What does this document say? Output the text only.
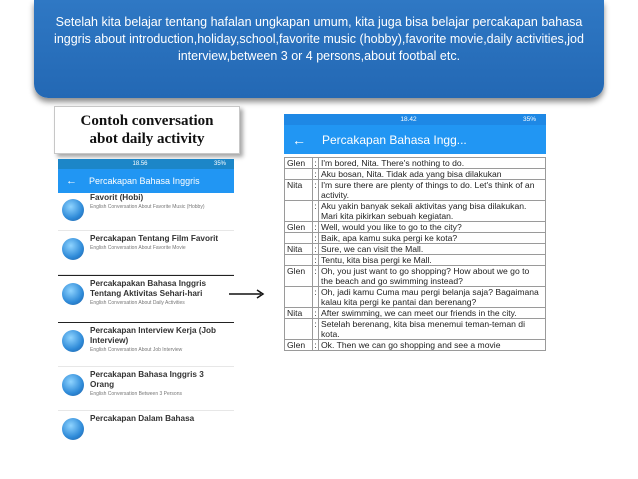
Setelah kita belajar tentang hafalan ungkapan umum, kita juga bisa belajar percakapan bahasa inggris about introduction,holiday,school,favorite music (hobby),favorite movie,daily activities,jod interview,between 3 or 4 persons,about footbal etc.
Contoh conversation
abot daily activity
18.56	35%
← Percakapan Bahasa Inggris
Favorit (Hobi)
English Conversation About Favorite Music (Hobby)
Percakapan Tentang Film Favorit
English Conversation About Favorite Movie
Percakapakan Bahasa Inggris Tentang Aktivitas Sehari-hari
English Conversation About Daily Activities
Percakapan Interview Kerja (Job Interview)
English Conversation About Job Interview
Percakapan Bahasa Inggris 3 Orang
English Conversation Between 3 Persons
Percakapan Dalam Bahasa
18.42	35%
← Percakapan Bahasa Ingg...
Glen	:	I'm bored, Nita. There's nothing to do.
	:	Aku bosan, Nita. Tidak ada yang bisa dilakukan
Nita	:	I'm sure there are plenty of things to do. Let's think of an activity.
	:	Aku yakin banyak sekali aktivitas yang bisa dilakukan. Mari kita pikirkan sebuah kegiatan.
Glen	:	Well, would you like to go to the city?
	:	Baik, apa kamu suka pergi ke kota?
Nita	:	Sure, we can visit the Mall.
	:	Tentu, kita bisa pergi ke Mall.
Glen	:	Oh, you just want to go shopping? How about we go to the beach and go swimming instead?
	:	Oh, jadi kamu Cuma mau pergi belanja saja? Bagaimana kalau kita pergi ke pantai dan berenang?
Nita	:	After swimming, we can meet our friends in the city.
	:	Setelah berenang, kita bisa menemui teman-teman di kota.
Glen	:	Ok. Then we can go shopping and see a movie
